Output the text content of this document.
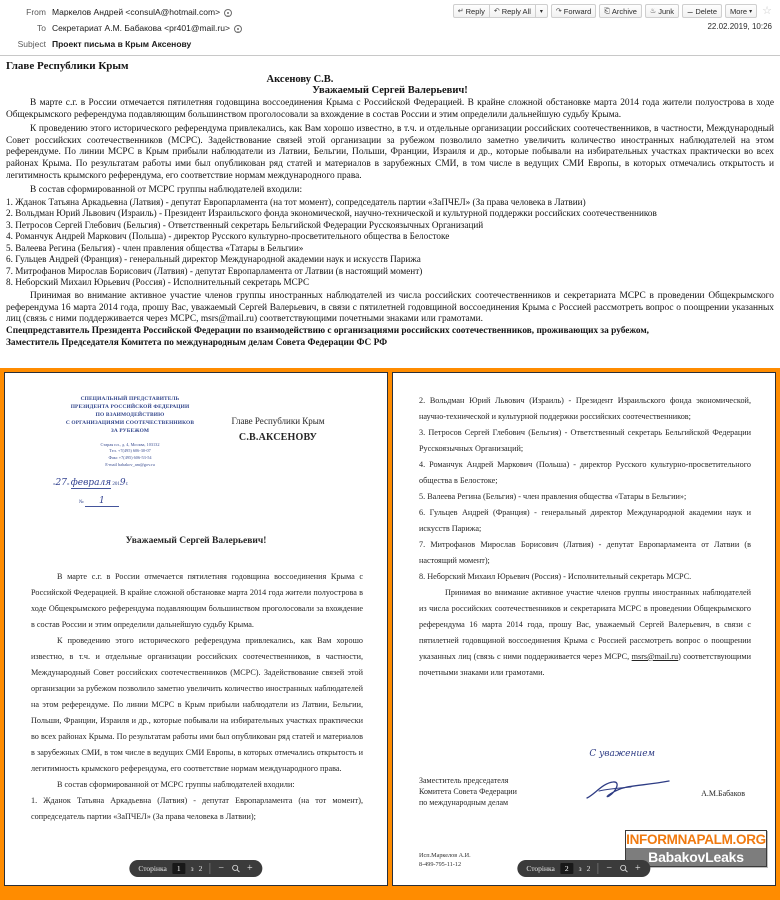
From Маркелов Андрей <consulA@hotmail.com>
To Секретариат А.М. Бабакова <pr401@mail.ru>
Subject Проект письма в Крым Аксенову
↵ Reply ↶ Reply All ▾ ↷ Forward ⎗ Archive ♨ Junk ⚊ Delete More ▾ ☆
22.02.2019, 10:26
Главе Республики Крым
Аксенову С.В.
Уважаемый Сергей Валерьевич!
В марте с.г. в России отмечается пятилетняя годовщина воссоединения Крыма с Российской Федерацией. В крайне сложной обстановке марта 2014 года жители полуострова в ходе Общекрымского референдума подавляющим большинством проголосовали за вхождение в состав России и этим определили дальнейшую судьбу Крыма.
К проведению этого исторического референдума привлекались, как Вам хорошо известно, в т.ч. и отдельные организации российских соотечественников, в частности, Международный Совет российских соотечественников (МСРС). Задействование связей этой организации за рубежом позволило заметно увеличить количество иностранных наблюдателей на этом референдуме. По линии МСРС в Крым прибыли наблюдатели из Латвии, Бельгии, Польши, Франции, Израиля и др., которые побывали на избирательных участках практически во всех районах Крыма. По результатам работы ими был опубликован ряд статей и материалов в зарубежных СМИ, в том числе в ведущих СМИ Европы, в которых отмечались открытость и легитимность крымского референдума, его соответствие нормам международного права.
В состав сформированной от МСРС группы наблюдателей входили:
1. Жданок Татьяна Аркадьевна (Латвия) - депутат Европарламента (на тот момент), сопредседатель партии «ЗаПЧЕЛ» (За права человека в Латвии)
2. Вольдман Юрий Львович (Израиль) - Президент Израильского фонда экономической, научно-технической и культурной поддержки российских соотечественников
3. Петросов Сергей Глебович (Бельгия) - Ответственный секретарь Бельгийской Федерации Русскоязычных Организаций
4. Романчук Андрей Маркович (Польша) - директор Русского культурно-просветительного общества в Белостоке
5. Валеева Регина (Бельгия) - член правления общества «Татары в Бельгии»
6. Гульцев Андрей (Франция) - генеральный директор Международной академии наук и искусств Парижа
7. Митрофанов Мирослав Борисович (Латвия) - депутат Европарламента от Латвии (в настоящий момент)
8. Неборский Михаил Юрьевич (Россия) - Исполнительный секретарь МСРС
Принимая во внимание активное участие членов группы иностранных наблюдателей из числа российских соотечественников и секретариата МСРС в проведении Общекрымского референдума 16 марта 2014 года, прошу Вас, уважаемый Сергей Валерьевич, в связи с пятилетней годовщиной воссоединения Крыма с Россией рассмотреть вопрос о поощрении указанных лиц (связь с ними поддерживается через МСРС, msrs@mail.ru) соответствующими почетными знаками или грамотами.
Спецпредставитель Президента Российской Федерации по взаимодействию с организациями российских соотечественников, проживающих за рубежом,
Заместитель Председателя Комитета по международным делам Совета Федерации ФС РФ
СПЕЦИАЛЬНЫЙ ПРЕДСТАВИТЕЛЬ
ПРЕЗИДЕНТА РОССИЙСКОЙ ФЕДЕРАЦИИ
ПО ВЗАИМОДЕЙСТВИЮ
С ОРГАНИЗАЦИЯМИ СООТЕЧЕСТВЕННИКОВ
ЗА РУБЕЖОМ
Старая пл., д. 4, Москва, 103132
Тел. +7(495) 606-30-07
Факс +7(495) 606-53-54
E-mail babakov_am@gov.ru
«27» февраля 2019г.
№ 1
Главе Республики Крым
С.В.АКСЕНОВУ
Уважаемый Сергей Валерьевич!

В марте с.г. в России отмечается пятилетняя годовщина воссоединения Крыма с Российской Федерацией. В крайне сложной обстановке марта 2014 года жители полуострова в ходе Общекрымского референдума подавляющим большинством проголосовали за вхождение в состав России и этим определили дальнейшую судьбу Крыма.

К проведению этого исторического референдума привлекались, как Вам хорошо известно, в т.ч. и отдельные организации российских соотечественников, в частности, Международный Совет российских соотечественников (МСРС). Задействование связей этой организации за рубежом позволило заметно увеличить количество иностранных наблюдателей на этом референдуме. По линии МСРС в Крым прибыли наблюдатели из Латвии, Бельгии, Польши, Франции, Израиля и др., которые побывали на избирательных участках практически во всех районах Крыма. По результатам работы ими был опубликован ряд статей и материалов в зарубежных СМИ, в том числе в ведущих СМИ Европы, в которых отмечались открытость и легитимность крымского референдума, его соответствие нормам международного права.

В состав сформированной от МСРС группы наблюдателей входили:

1. Жданок Татьяна Аркадьевна (Латвия) - депутат Европарламента (на тот момент), сопредседатель партии «ЗаПЧЕЛ» (За права человека в Латвии);

Сторінка	1	з 2 − +

2. Вольдман Юрий Львович (Израиль) - Президент Израильского фонда экономической, научно-технической и культурной поддержки российских соотечественников;

3. Петросов Сергей Глебович (Бельгия) - Ответственный секретарь Бельгийской Федерации Русскоязычных Организаций;

4. Романчук Андрей Маркович (Польша) - директор Русского культурно-просветительного общества в Белостоке;

5. Валеева Регина (Бельгия) - член правления общества «Татары в Бельгии»;

6. Гульцев Андрей (Франция) - генеральный директор Международной академии наук и искусств Парижа;

7. Митрофанов Мирослав Борисович (Латвия) - депутат Европарламента от Латвии (в настоящий момент);

8. Неборский Михаил Юрьевич (Россия) - Исполнительный секретарь МСРС.

Принимая во внимание активное участие членов группы иностранных наблюдателей из числа российских соотечественников и секретариата МСРС в проведении Общекрымского референдума 16 марта 2014 года, прошу Вас, уважаемый Сергей Валерьевич, в связи с пятилетней годовщиной воссоединения Крыма с Россией рассмотреть вопрос о поощрении указанных лиц (связь с ними поддерживается через МСРС, msrs@mail.ru) соответствующими почетными знаками или грамотами.

С уважением
Заместитель председателя
Комитета Совета Федерации
по международным делам
А.М.Бабаков
Исп.Маркелов А.И.
8-499-795-11-12
INFORMNAPALM.ORG
BabakovLeaks
Сторінка	2	з 2 − +
